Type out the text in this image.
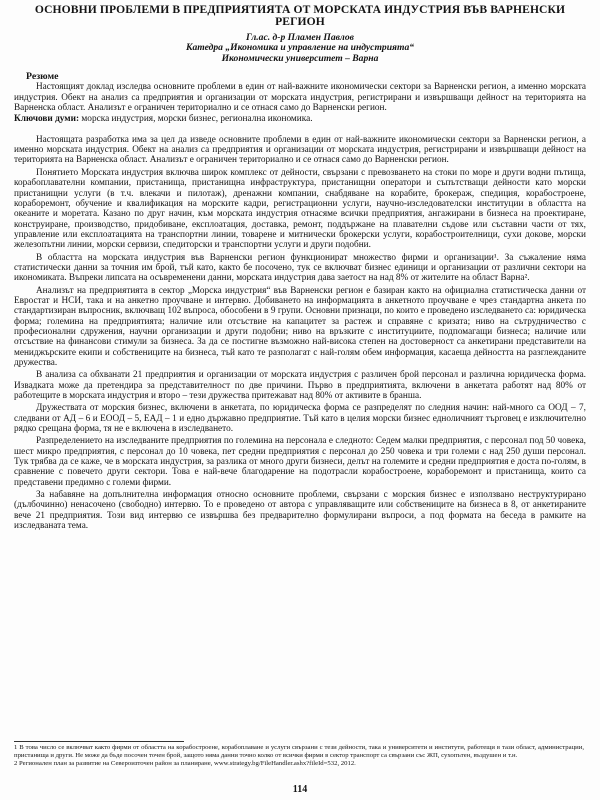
ОСНОВНИ ПРОБЛЕМИ В ПРЕДПРИЯТИЯТА ОТ МОРСКАТА ИНДУСТРИЯ ВЪВ ВАРНЕНСКИ РЕГИОН
Гл.ас. д-р Пламен Павлов
Катедра „Икономика и управление на индустрията“
Икономически университет – Варна
Резюме

Настоящият доклад изследва основните проблеми в един от най-важните икономически сектори за Варненски регион, а именно морската индустрия. Обект на анализ са предприятия и организации от морската индустрия, регистрирани и извършващи дейност на територията на Варненска област. Анализът е ограничен териториално и се отнася само до Варненски регион.

Ключови думи: морска индустрия, морски бизнес, регионална икономика.

Настоящата разработка има за цел да изведе основните проблеми в един от най-важните икономически сектори за Варненски регион, а именно морската индустрия. Обект на анализ са предприятия и организации от морската индустрия, регистрирани и извършващи дейност на територията на Варненска област. Анализът е ограничен териториално и се отнася само до Варненски регион.

Понятието Морската индустрия включва широк комплекс от дейности, свързани с превозването на стоки по море и други водни пътища, корабоплавателни компании, пристанища, пристанищна инфраструктура, пристанищни оператори и съпътстващи дейности като морски пристанищни услуги (в т.ч. влекачи и пилотаж), дренажни компании, снабдяване на корабите, брокераж, спедиция, корабостроене, кораборемонт, обучение и квалификация на морските кадри, регистрационни услуги, научно-изследователски институции в областта на океаните и моретата. Казано по друг начин, към морската индустрия отнасяме всички предприятия, ангажирани в бизнеса на проектиране, конструиране, производство, придобиване, експлоатация, доставка, ремонт, поддържане на плавателни съдове или съставни части от тях, управление или експлоатацията на транспортни линии, товарене и митнически брокерски услуги, корабостроителници, сухи докове, морски железопътни линии, морски сервизи, спедиторски и транспортни услуги и други подобни.

В областта на морската индустрия във Варненски регион функционират множество фирми и организации¹. За съжаление няма статистически данни за точния им брой, тъй като, както бе посочено, тук се включват бизнес единици и организации от различни сектори на икономиката. Въпреки липсата на осъвременени данни, морската индустрия дава заетост на над 8% от жителите на област Варна².

Анализът на предприятията в сектор „Морска индустрия“ във Варненски регион е базиран както на официална статистическа данни от Евростат и НСИ, така и на анкетно проучване и интервю. Добиването на информацията в анкетното проучване е чрез стандартна анкета по стандартизиран въпросник, включващ 102 въпроса, обособени в 9 групи. Основни признаци, по които е проведено изследването са: юридическа форма; големина на предприятията; наличие или отсъствие на капацитет за растеж и справяне с кризата; ниво на сътрудничество с професионални сдружения, научни организации и други подобни; ниво на връзките с институциите, подпомагащи бизнеса; наличие или отсъствие на финансови стимули за бизнеса. За да се постигне възможно най-висока степен на достоверност са анкетирани представители на мениджърските екипи и собствениците на бизнеса, тъй като те разполагат с най-голям обем информация, касаеща дейността на разглежданите дружества.

В анализа са обхванати 21 предприятия и организации от морската индустрия с различен брой персонал и различна юридическа форма. Извадката може да претендира за представителност по две причини. Първо в предприятията, включени в анкетата работят над 80% от работещите в морската индустрия и второ – тези дружества притежават над 80% от активите в бранша.

Дружествата от морския бизнес, включени в анкетата, по юридическа форма се разпределят по следния начин: най-много са ООД – 7, следвани от АД – 6 и ЕООД – 5, ЕАД – 1 и едно държавно предприятие. Тъй като в целия морски бизнес едноличният търговец е изключително рядко срещана форма, тя не е включена в изследването.

Разпределението на изследваните предприятия по големина на персонала е следното: Седем малки предприятия, с персонал под 50 човека, шест микро предприятия, с персонал до 10 човека, пет средни предприятия с персонал до 250 човека и три големи с над 250 души персонал. Тук трябва да се каже, че в морската индустрия, за разлика от много други бизнеси, делът на големите и средни предприятия е доста по-голям, в сравнение с повечето други сектори. Това е най-вече благодарение на подотрасли корабостроене, кораборемонт и пристанища, които са представени предимно с големи фирми.

За набавяне на допълнителна информация относно основните проблеми, свързани с морския бизнес е използвано неструктурирано (дълбочинно) ненасочено (свободно) интервю. То е проведено от автора с управляващите или собствениците на бизнеса в 8, от анкетираните вече 21 предприятия. Този вид интервю се извършва без предварително формулирани въпроси, а под формата на беседа в рамките на изследваната тема.

1 В това число се включват както фирми от областта на корабостроене, корабоплаване и услуги свързани с тези дейности, така и университети и институти, работещи в тази област, администрации, пристанища и други. Не може да бъде посочен точен брой, защото няма данни точно колко от всички фирми в сектор транспорт са свързани със ЖП, сухопътен, въздушен и т.н.

2 Регионален план за развитие на Североизточен район за планиране, www.strategy.bg/FileHandler.ashx?fileId=532, 2012.

114
